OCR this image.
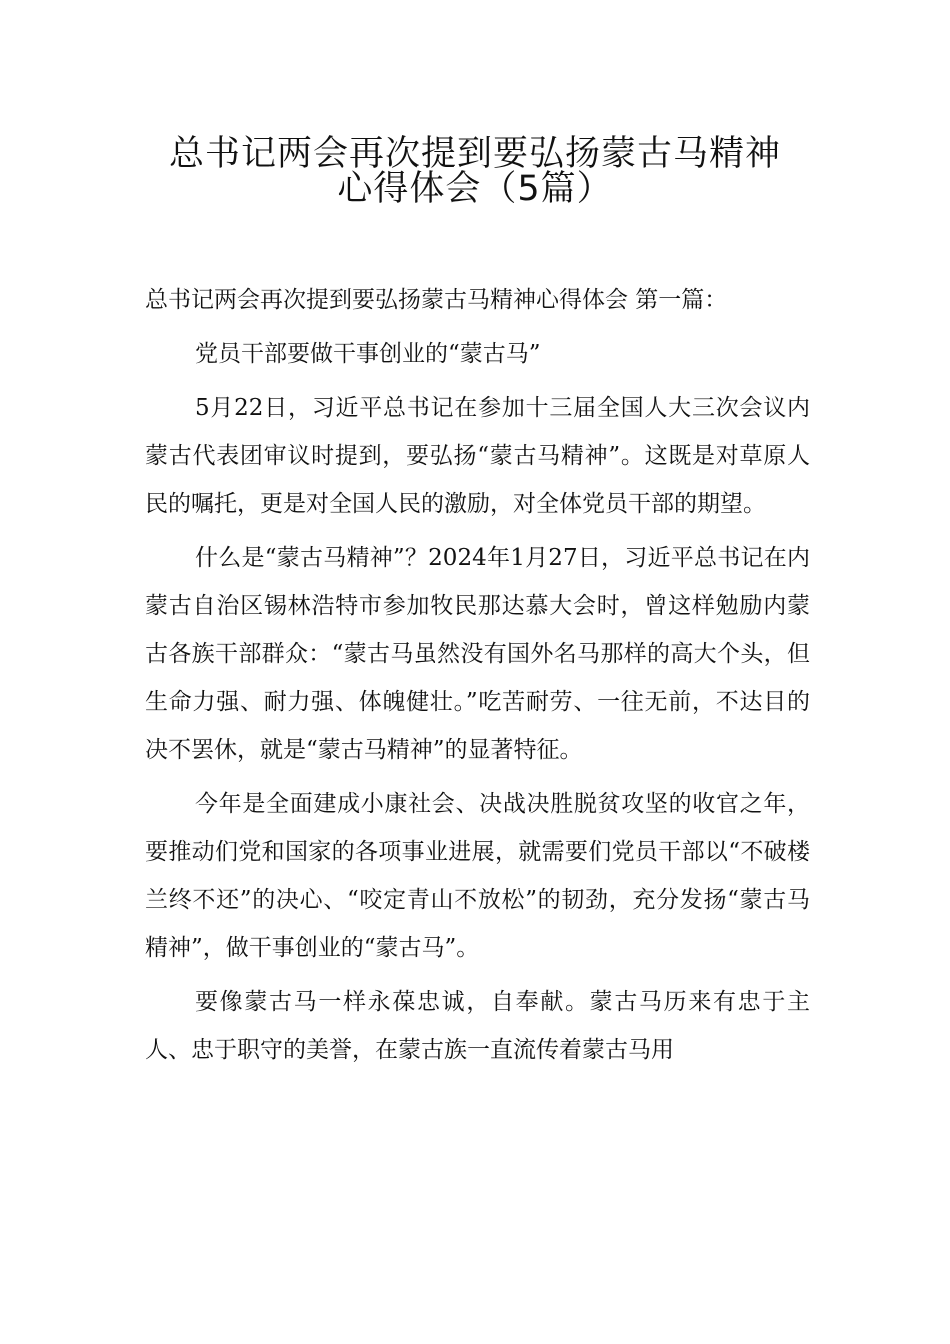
总书记两会再次提到要弘扬蒙古马精神
心得体会（5篇）

总书记两会再次提到要弘扬蒙古马精神心得体会 第一篇：

党员干部要做干事创业的“蒙古马”

5月22日，习近平总书记在参加十三届全国人大三次会议内蒙古代表团审议时提到，要弘扬“蒙古马精神”。这既是对草原人民的嘱托，更是对全国人民的激励，对全体党员干部的期望。

什么是“蒙古马精神”？2024年1月27日，习近平总书记在内蒙古自治区锡林浩特市参加牧民那达慕大会时，曾这样勉励内蒙古各族干部群众：“蒙古马虽然没有国外名马那样的高大个头，但生命力强、耐力强、体魄健壮。”吃苦耐劳、一往无前，不达目的决不罢休，就是“蒙古马精神”的显著特征。

今年是全面建成小康社会、决战决胜脱贫攻坚的收官之年，要推动们党和国家的各项事业进展，就需要们党员干部以“不破楼兰终不还”的决心、“咬定青山不放松”的韧劲，充分发扬“蒙古马精神”，做干事创业的“蒙古马”。

要像蒙古马一样永葆忠诚，自奉献。蒙古马历来有忠于主人、忠于职守的美誉，在蒙古族一直流传着蒙古马用
